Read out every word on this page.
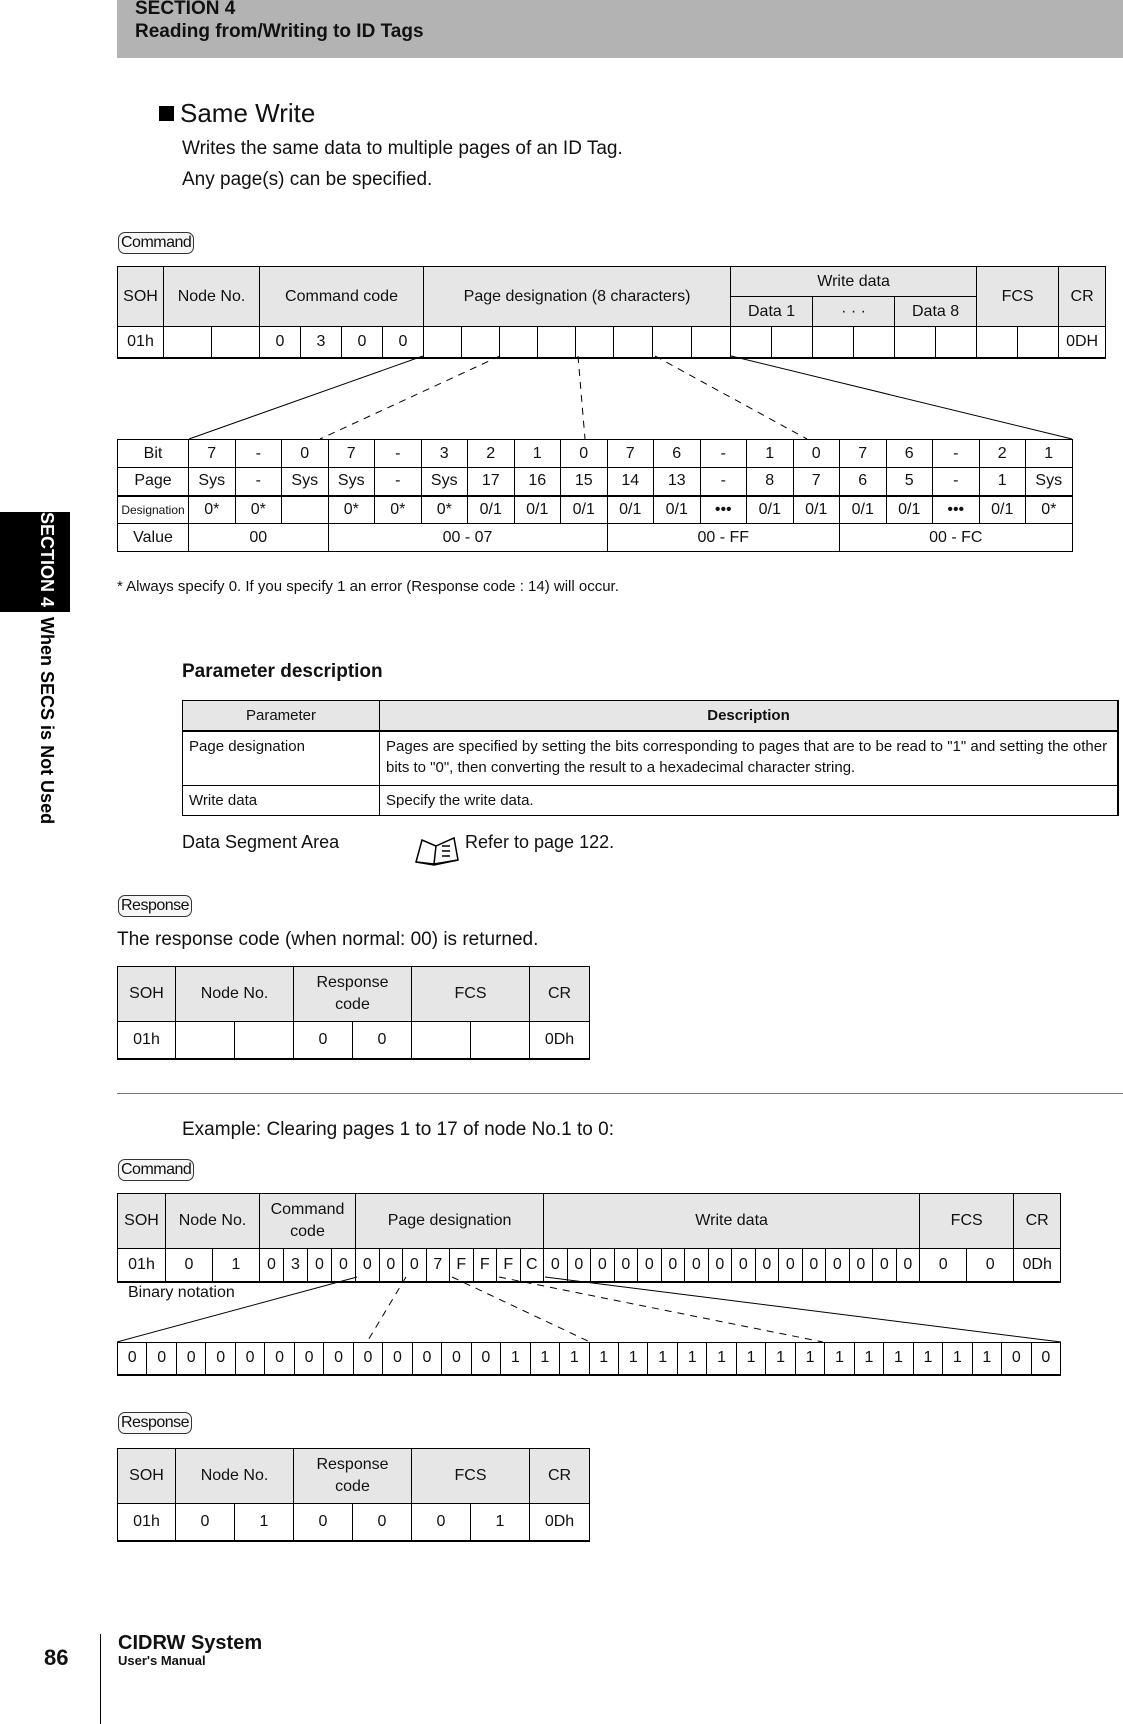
SECTION 4
Reading from/Writing to ID Tags
SECTION 4  When SECS is Not Used
Same Write
Writes the same data to multiple pages of an ID Tag.
Any page(s) can be specified.
Command
SOH	Node No.		Command code				Page designation (8 characters)								Write data						FCS		CR
															Data 1		· · ·		Data 8				
01h			0	3	0	0																	0DH
Bit	7	-	0	7	-	3	2	1	0	7	6	-	1	0	7	6	-	2	1	
Page	Sys	-	Sys	Sys	-	Sys	17	16	15	14	13	-	8	7	6	5	-	1	Sys	
Designation	0*	0*		0*	0*	0*	0/1	0/1	0/1	0/1	0/1	•••	0/1	0/1	0/1	0/1	•••	0/1	0*	
Value	00			00 - 07						00 - FF					00 - FC					
* Always specify 0. If you specify 1 an error (Response code : 14) will occur.
Parameter description
Parameter	Description
Page designation	Pages are specified by setting the bits corresponding to pages that are to be read to "1" and setting the other bits to "0", then converting the result to a hexadecimal character string.
Write data	Specify the write data.
Data Segment Area	Refer to page 122.
Response
The response code (when normal: 00) is returned.
SOH	Node No.		Response code		FCS		CR
01h			0	0			0Dh
Example: Clearing pages 1 to 17 of node No.1 to 0:
Command
SOH	Node No.		Command code				Page designation								Write data																FCS		CR
01h	0	1	0	3	0	0	0	0	0	7	F	F	F	C	0	0	0	0	0	0	0	0	0	0	0	0	0	0	0	0	0	0	0Dh
Binary notation
0	0	0	0	0	0	0	0	0	0	0	0	0	1	1	1	1	1	1	1	1	1	1	1	1	1	1	1	1	1	0	0
Response
SOH	Node No.		Response code		FCS		CR
01h	0	1	0	0	0	1	0Dh
86
CIDRW System
User's Manual
